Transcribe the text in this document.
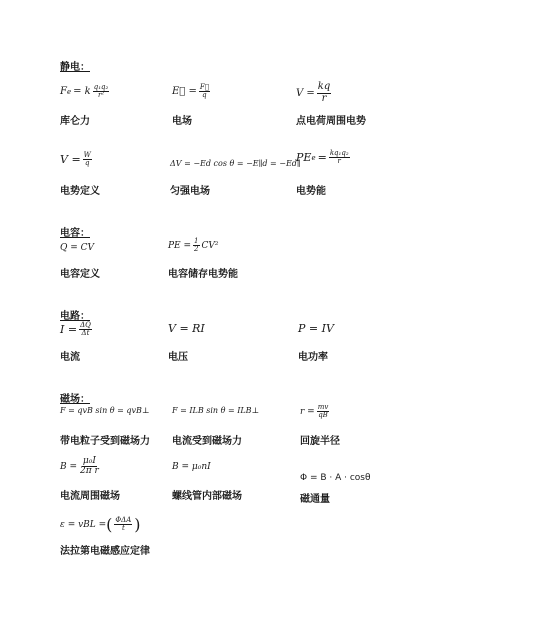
静电：
F e = k $\frac{\text{q₁q₂}}{\text{r²}}$
库仑力
E⃗ = $\frac{F⃗}{q}$
电场
$V = \frac{kq}{r}$
点电荷周围电势
$V = \frac{W}{q}$
电势定义
ΔV = −Ed cos θ = −E∥d = −Ed∥
匀强电场
PE $e = \frac{\text{kq₁q₂}}{r}$
电势能
电容：
Q = CV
电容定义
PE = $\frac{1}{2} CV^2$
电容储存电势能
电路：
$I = \frac{\Delta Q}{\Delta t}$
电流
V = RI
电压
P = IV
电功率
磁场：
F = qvB sin θ = qvB⊥
带电粒子受到磁场力
F = ILB sin θ = ILB⊥
电流受到磁场力
$r = \frac{mv}{qB}$
回旋半径
$B = \frac{\text{μ₀I}}{\text{2π r}}$
电流周围磁场
B = μ₀nI
螺线管内部磁场
Φ = B · A · cosθ
磁通量
ε = vBL = ( $\frac{\text{ΦΔA}}{t}$ )
法拉第电磁感应定律
